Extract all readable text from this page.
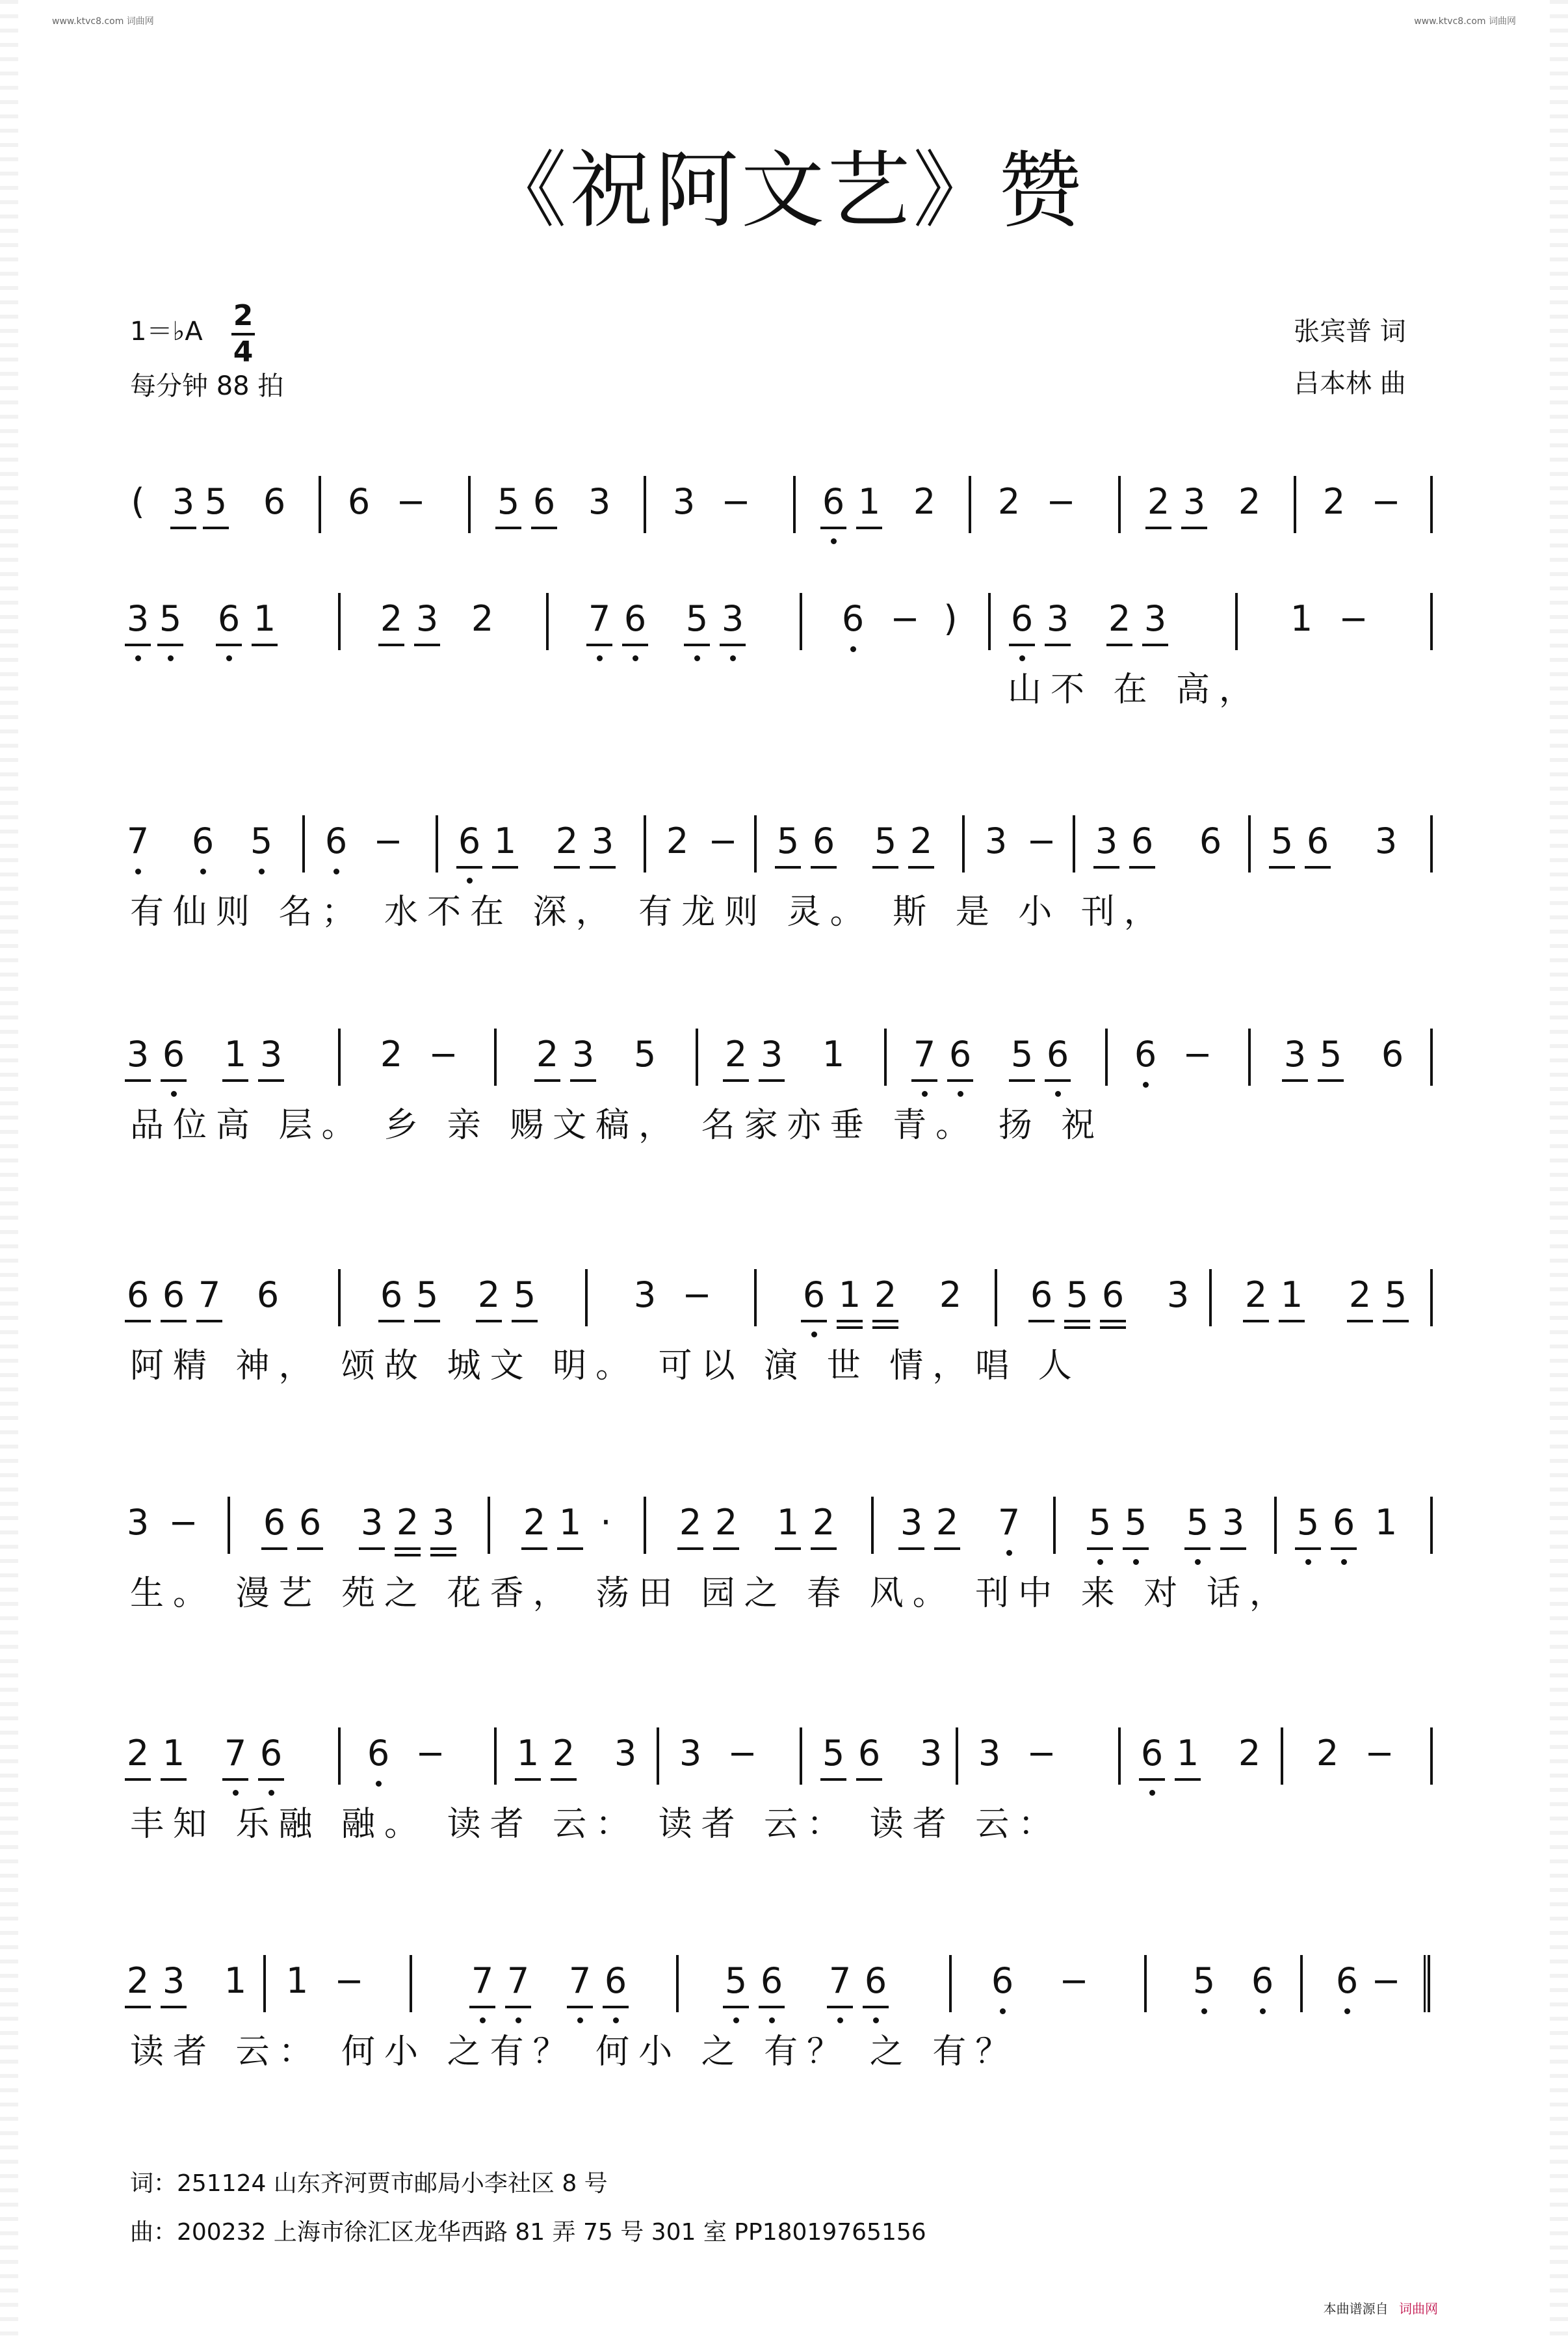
www.ktvc8.com 词曲网	www.ktvc8.com 词曲网
《祝阿文艺》赞
1＝♭A 2
4
每分钟 88 拍
张宾普 词
吕本林 曲
( 3 5 6 6 − 5 6 3 3 − 6 1 2 2 − 2 3 2 2 −
3 5 6 1	2 3 2	7 6 5 3	6 − ) 6 3 2 3	1 −
山不 在 高，
7 6 5 6 − 6 1 2 3 2 − 5 6 5 2 3 − 3 6 6 5 6 3
有仙则 名； 水不在 深， 有龙则 灵。 斯 是 小 刊，
3 6 1 3	2 − 2 3 5 2 3 1 7 6 5 6 6 − 3 5 6
品位高 层。 乡 亲 赐文稿， 名家亦垂 青。 扬 祝
6 6 7 6	6 5 2 5	3 −	6 1 2 2 6 5 6 3 2 1 2 5
阿精 神， 颂故 城文 明。 可以 演 世 情，唱 人
3 − 6 6 3 2 3 2 1 · 2 2 1 2 3 2 7 5 5 5 3 5 6 1
生。 漫艺 苑之 花香， 荡田 园之 春 风。 刊中 来 对 话，
2 1 7 6 6 − 1 2 3 3 − 5 6 3 3 − 6 1 2 2 −
丰知 乐融 融。 读者 云： 读者 云： 读者 云：
2 3 1 1 −	7 7 7 6	5 6 7 6	6 −	5 6 6 −
读者 云： 何小 之有？ 何小 之 有？ 之 有？
词：251124 山东齐河贾市邮局小李社区 8 号
曲：200232 上海市徐汇区龙华西路 81 弄 75 号 301 室 PP18019765156
本曲谱源自 词曲网
